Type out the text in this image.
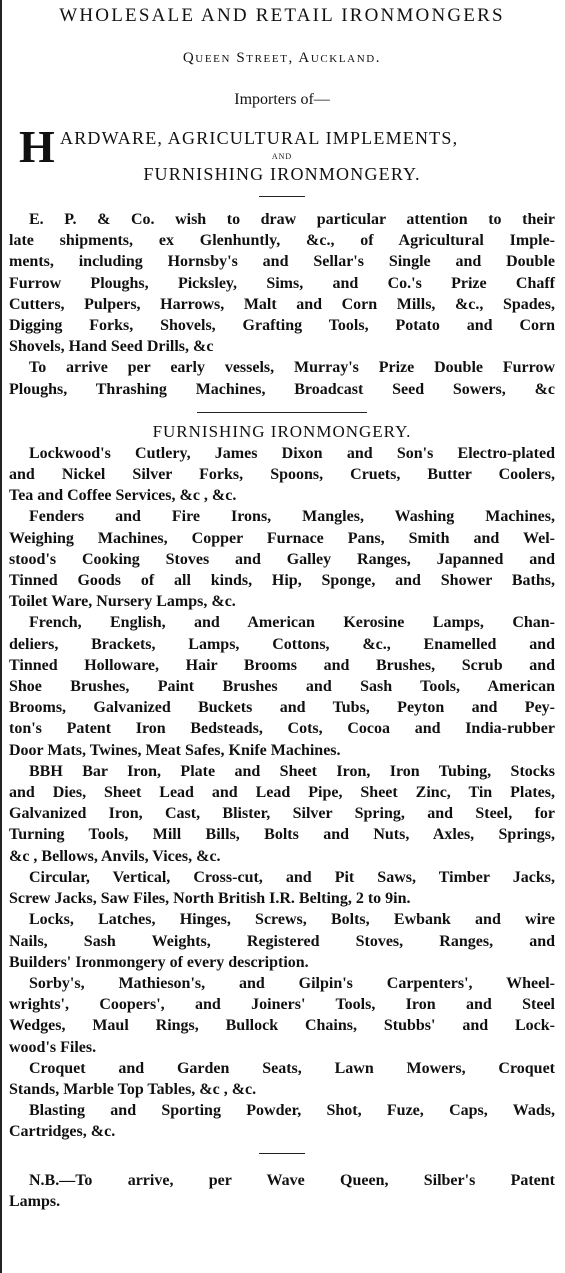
WHOLESALE AND RETAIL IRONMONGERS
Queen Street, Auckland.
Importers of—
H ARDWARE, AGRICULTURAL IMPLEMENTS,
AND
FURNISHING IRONMONGERY.
E. P. & Co. wish to draw particular attention to their
late shipments, ex Glenhuntly, &c., of Agricultural Imple-
ments, including Hornsby's and Sellar's Single and Double
Furrow Ploughs, Picksley, Sims, and Co.'s Prize Chaff
Cutters, Pulpers, Harrows, Malt and Corn Mills, &c., Spades,
Digging Forks, Shovels, Grafting Tools, Potato and Corn
Shovels, Hand Seed Drills, &c
To arrive per early vessels, Murray's Prize Double Furrow
Ploughs, Thrashing Machines, Broadcast Seed Sowers, &c
FURNISHING IRONMONGERY.
Lockwood's Cutlery, James Dixon and Son's Electro-plated
and Nickel Silver Forks, Spoons, Cruets, Butter Coolers,
Tea and Coffee Services, &c , &c.
Fenders and Fire Irons, Mangles, Washing Machines,
Weighing Machines, Copper Furnace Pans, Smith and Wel-
stood's Cooking Stoves and Galley Ranges, Japanned and
Tinned Goods of all kinds, Hip, Sponge, and Shower Baths,
Toilet Ware, Nursery Lamps, &c.
French, English, and American Kerosine Lamps, Chan-
deliers, Brackets, Lamps, Cottons, &c., Enamelled and
Tinned Holloware, Hair Brooms and Brushes, Scrub and
Shoe Brushes, Paint Brushes and Sash Tools, American
Brooms, Galvanized Buckets and Tubs, Peyton and Pey-
ton's Patent Iron Bedsteads, Cots, Cocoa and India-rubber
Door Mats, Twines, Meat Safes, Knife Machines.
BBH Bar Iron, Plate and Sheet Iron, Iron Tubing, Stocks
and Dies, Sheet Lead and Lead Pipe, Sheet Zinc, Tin Plates,
Galvanized Iron, Cast, Blister, Silver Spring, and Steel, for
Turning Tools, Mill Bills, Bolts and Nuts, Axles, Springs,
&c , Bellows, Anvils, Vices, &c.
Circular, Vertical, Cross-cut, and Pit Saws, Timber Jacks,
Screw Jacks, Saw Files, North British I.R. Belting, 2 to 9in.
Locks, Latches, Hinges, Screws, Bolts, Ewbank and wire
Nails, Sash Weights, Registered Stoves, Ranges, and
Builders' Ironmongery of every description.
Sorby's, Mathieson's, and Gilpin's Carpenters', Wheel-
wrights', Coopers', and Joiners' Tools, Iron and Steel
Wedges, Maul Rings, Bullock Chains, Stubbs' and Lock-
wood's Files.
Croquet and Garden Seats, Lawn Mowers, Croquet
Stands, Marble Top Tables, &c , &c.
Blasting and Sporting Powder, Shot, Fuze, Caps, Wads,
Cartridges, &c.
N.B.—To arrive, per Wave Queen, Silber's Patent
Lamps.
